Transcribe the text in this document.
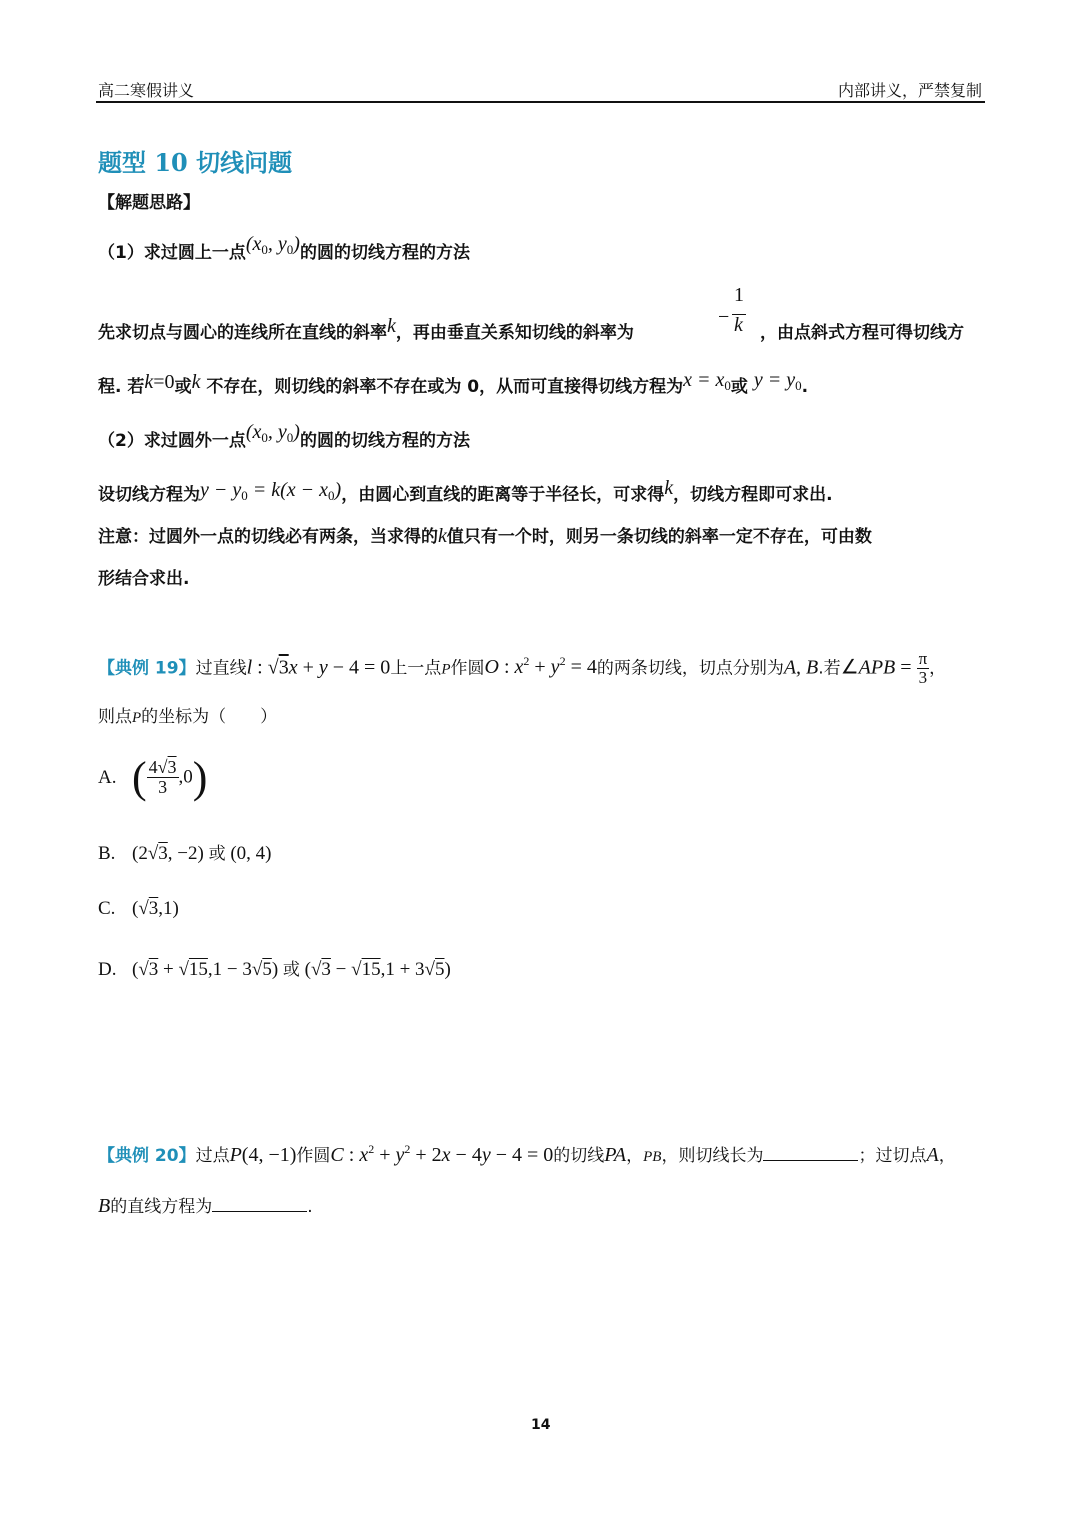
高二寒假讲义	内部讲义，严禁复制
题型 10 切线问题
【解题思路】
（1）求过圆上一点($x_0$, $y_0$)的圆的切线方程的方法
先求切点与圆心的连线所在直线的斜率k，再由垂直关系知切线的斜率为
−
1
k ，由点斜式方程可得切线方
程. 若k=0或k 不存在，则切线的斜率不存在或为 0，从而可直接得切线方程为$x = x_0$或 $y = y_0$.
（2）求过圆外一点($x_0$, $y_0$)的圆的切线方程的方法
设切线方程为$y - y_0 = k(x - x_0)$，由圆心到直线的距离等于半径长，可求得k，切线方程即可求出.
注意：过圆外一点的切线必有两条，当求得的k值只有一个时，则另一条切线的斜率一定不存在，可由数
形结合求出.
【典例 19】过直线l : √3x + y − 4 = 0上一点P作圆O : $x^2 + y^2 = 4$的两条切线，切点分别为A, B.若∠APB = $\frac{\pi}{3}$ ，
则点P的坐标为（　　）
A. ( $\frac{4√3}{3} ,0$)
B. (2√3, −2) 或 (0, 4)
C. (√3,1)
D. (√3 + √15,1 − 3√5) 或 (√3 − √15,1 + 3√5)
【典例 20】过点P(4, −1)作圆C : $x^2 + y^2 + 2x - 4y - 4 = 0$的切线PA，PB，则切线长为	；过切点A，
B的直线方程为	.
14
